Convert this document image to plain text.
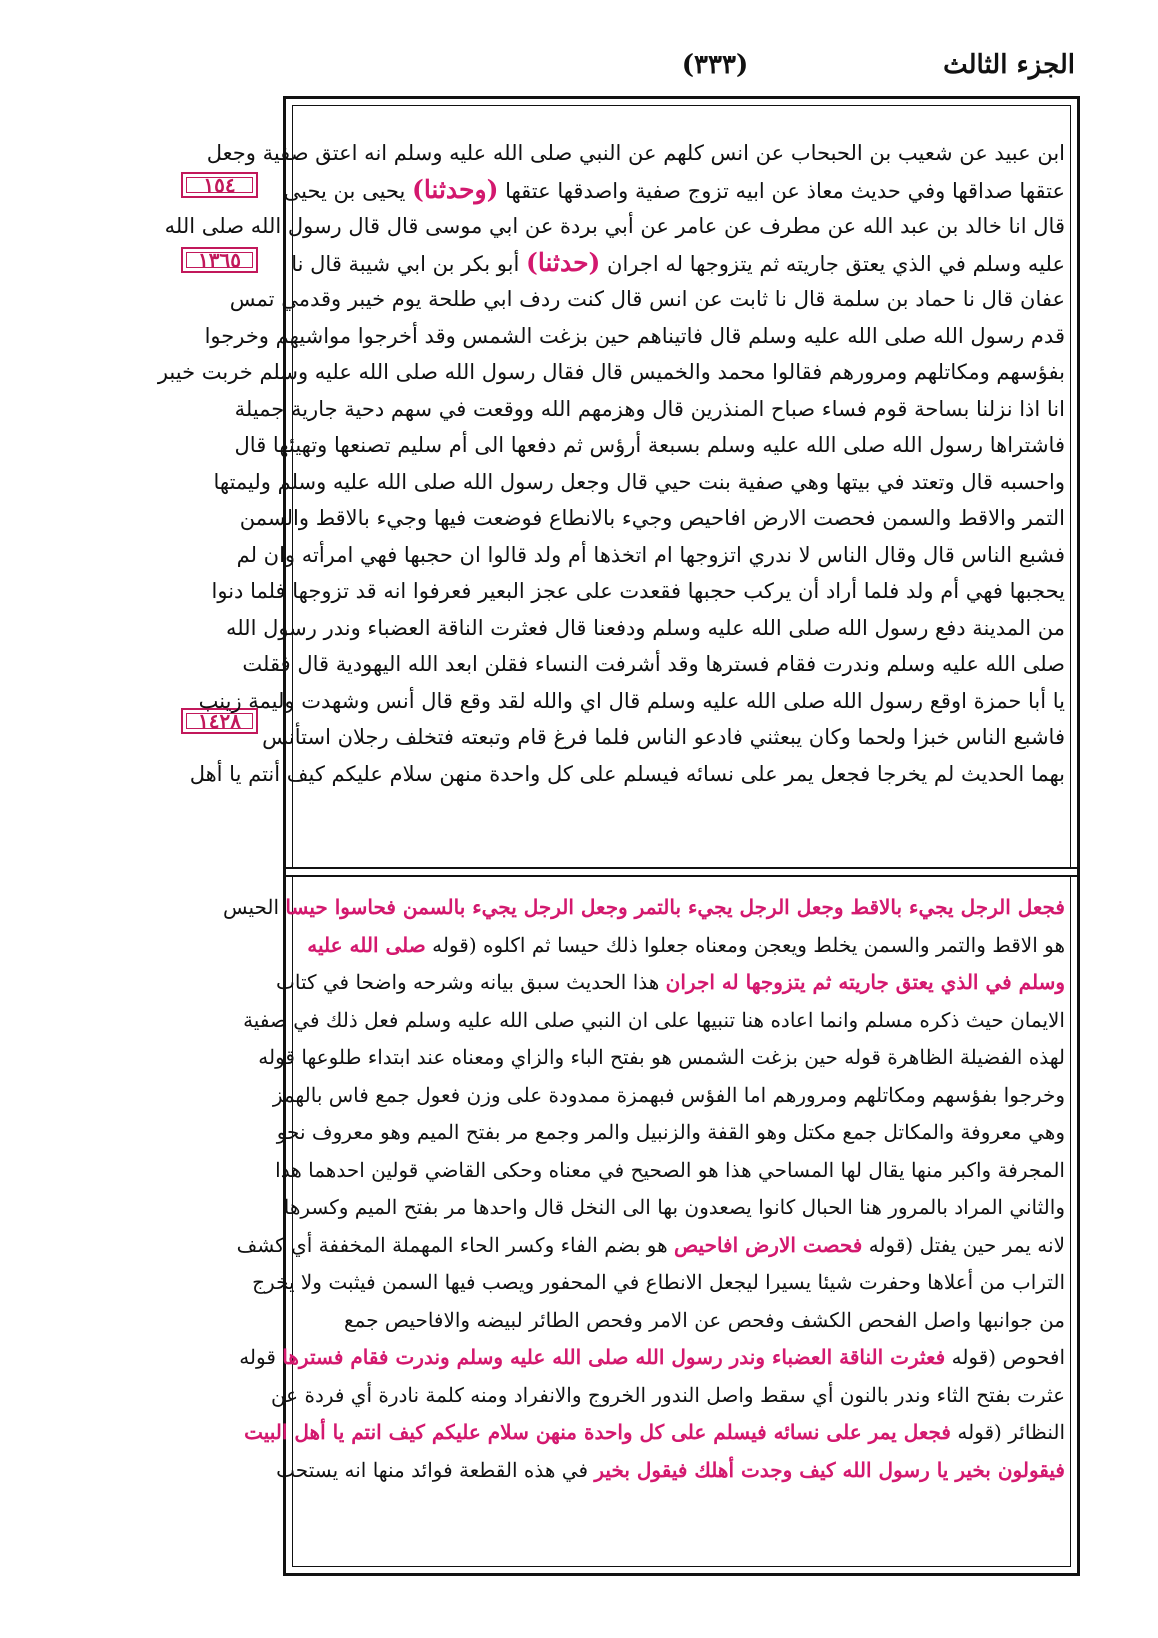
الجزء الثالث
(٣٣٣)
١٥٤
١٣٦٥
١٤٢٨
ابن عبيد عن شعيب بن الحبحاب عن انس كلهم عن النبي صلى الله عليه وسلم انه اعتق صفية وجعل
عتقها صداقها وفي حديث معاذ عن ابيه تزوج صفية واصدقها عتقها (وحدثنا) يحيى بن يحيى
قال انا خالد بن عبد الله عن مطرف عن عامر عن أبي بردة عن ابي موسى قال قال رسول الله صلى الله
عليه وسلم في الذي يعتق جاريته ثم يتزوجها له اجران (حدثنا) أبو بكر بن ابي شيبة قال نا
عفان قال نا حماد بن سلمة قال نا ثابت عن انس قال كنت ردف ابي طلحة يوم خيبر وقدمي تمس
قدم رسول الله صلى الله عليه وسلم قال فاتيناهم حين بزغت الشمس وقد أخرجوا مواشيهم وخرجوا
بفؤسهم ومكاتلهم ومرورهم فقالوا محمد والخميس قال فقال رسول الله صلى الله عليه وسلم خربت خيبر
انا اذا نزلنا بساحة قوم فساء صباح المنذرين قال وهزمهم الله ووقعت في سهم دحية جارية جميلة
فاشتراها رسول الله صلى الله عليه وسلم بسبعة أرؤس ثم دفعها الى أم سليم تصنعها وتهيئها قال
واحسبه قال وتعتد في بيتها وهي صفية بنت حيي قال وجعل رسول الله صلى الله عليه وسلم وليمتها
التمر والاقط والسمن فحصت الارض افاحيص وجيء بالانطاع فوضعت فيها وجيء بالاقط والسمن
فشبع الناس قال وقال الناس لا ندري اتزوجها ام اتخذها أم ولد قالوا ان حجبها فهي امرأته وان لم
يحجبها فهي أم ولد فلما أراد أن يركب حجبها فقعدت على عجز البعير فعرفوا انه قد تزوجها فلما دنوا
من المدينة دفع رسول الله صلى الله عليه وسلم ودفعنا قال فعثرت الناقة العضباء وندر رسول الله
صلى الله عليه وسلم وندرت فقام فسترها وقد أشرفت النساء فقلن ابعد الله اليهودية قال فقلت
يا أبا حمزة اوقع رسول الله صلى الله عليه وسلم قال اي والله لقد وقع قال أنس وشهدت وليمة زينب
فاشبع الناس خبزا ولحما وكان يبعثني فادعو الناس فلما فرغ قام وتبعته فتخلف رجلان استأنس
بهما الحديث لم يخرجا فجعل يمر على نسائه فيسلم على كل واحدة منهن سلام عليكم كيف أنتم يا أهل
فجعل الرجل يجيء بالاقط وجعل الرجل يجيء بالتمر وجعل الرجل يجيء بالسمن فحاسوا حيسا الحيس
هو الاقط والتمر والسمن يخلط ويعجن ومعناه جعلوا ذلك حيسا ثم اكلوه (قوله صلى الله عليه
وسلم في الذي يعتق جاريته ثم يتزوجها له اجران هذا الحديث سبق بيانه وشرحه واضحا في كتاب
الايمان حيث ذكره مسلم وانما اعاده هنا تنبيها على ان النبي صلى الله عليه وسلم فعل ذلك في صفية
لهذه الفضيلة الظاهرة قوله حين بزغت الشمس هو بفتح الباء والزاي ومعناه عند ابتداء طلوعها قوله
وخرجوا بفؤسهم ومكاتلهم ومرورهم اما الفؤس فبهمزة ممدودة على وزن فعول جمع فاس بالهمز
وهي معروفة والمكاتل جمع مكتل وهو القفة والزنبيل والمر وجمع مر بفتح الميم وهو معروف نحو
المجرفة واكبر منها يقال لها المساحي هذا هو الصحيح في معناه وحكى القاضي قولين احدهما هذا
والثاني المراد بالمرور هنا الحبال كانوا يصعدون بها الى النخل قال واحدها مر بفتح الميم وكسرها
لانه يمر حين يفتل (قوله فحصت الارض افاحيص هو بضم الفاء وكسر الحاء المهملة المخففة أي كشف
التراب من أعلاها وحفرت شيئا يسيرا ليجعل الانطاع في المحفور ويصب فيها السمن فيثبت ولا يخرج
من جوانبها واصل الفحص الكشف وفحص عن الامر وفحص الطائر لبيضه والافاحيص جمع
افحوص (قوله فعثرت الناقة العضباء وندر رسول الله صلى الله عليه وسلم وندرت فقام فسترها قوله
عثرت بفتح الثاء وندر بالنون أي سقط واصل الندور الخروج والانفراد ومنه كلمة نادرة أي فردة عن
النظائر (قوله فجعل يمر على نسائه فيسلم على كل واحدة منهن سلام عليكم كيف انتم يا أهل البيت
فيقولون بخير يا رسول الله كيف وجدت أهلك فيقول بخير في هذه القطعة فوائد منها انه يستحب
